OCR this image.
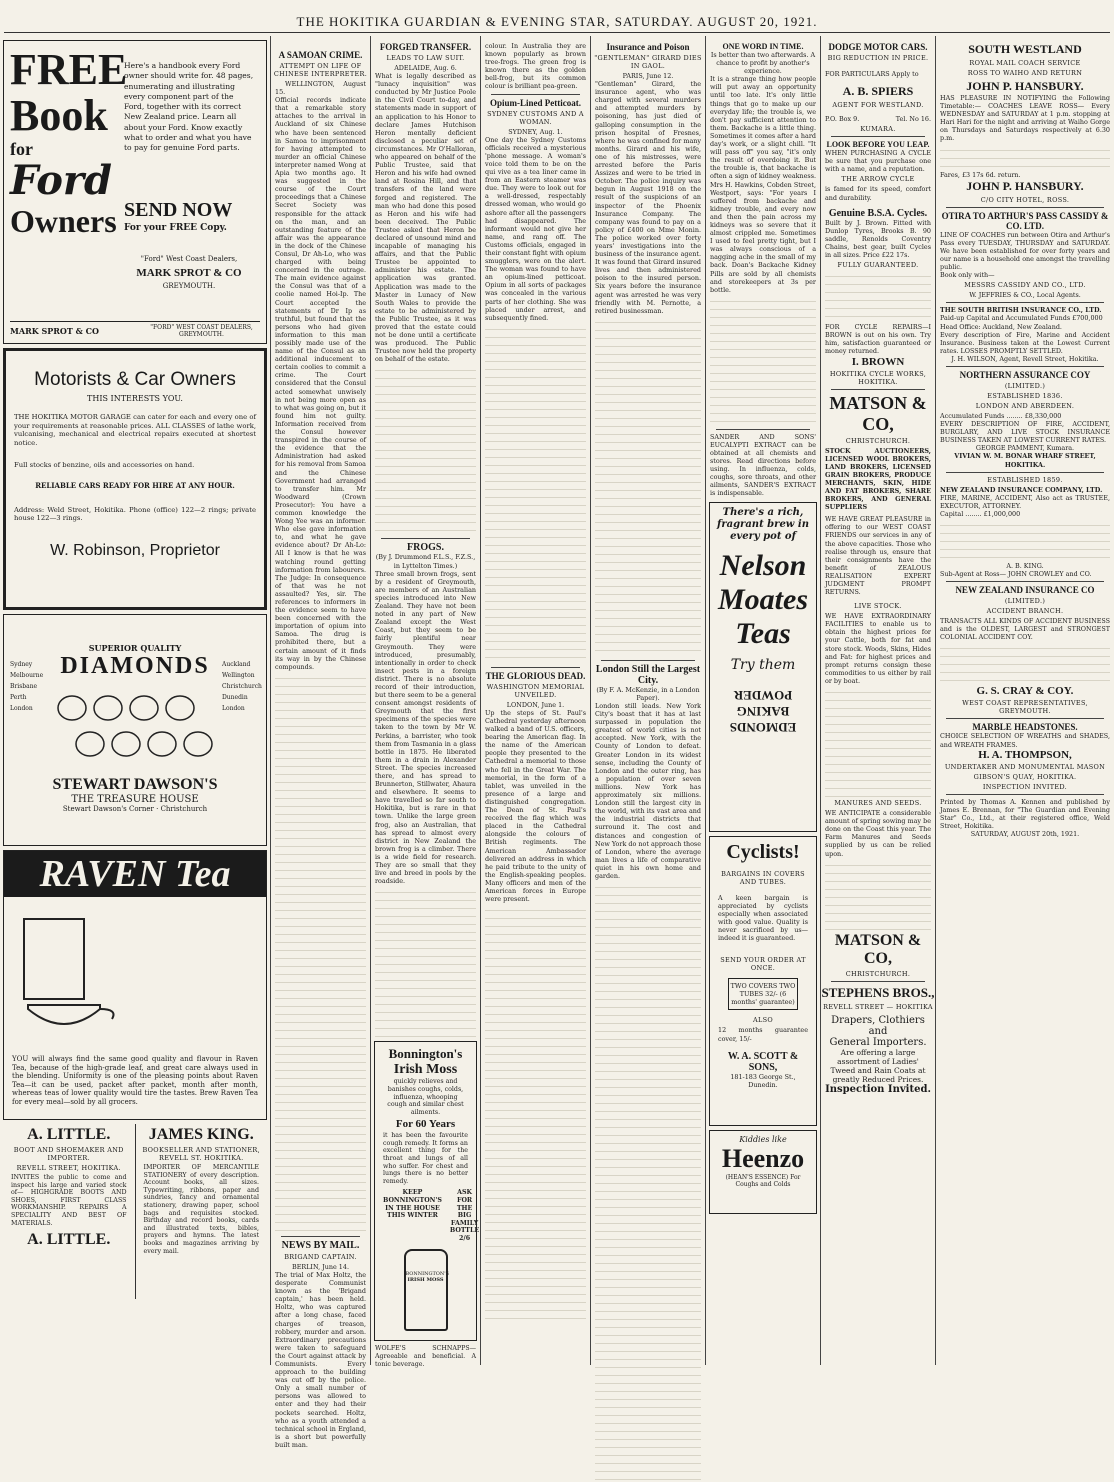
THE HOKITIKA GUARDIAN & EVENING STAR, SATURDAY. AUGUST 20, 1921.
FREE
Book
for
Ford
Owners
Here's a handbook every Ford owner should write for. 48 pages, enumerating and illustrating every component part of the Ford, together with its correct New Zealand price. Learn all about your Ford. Know exactly what to order and what you have to pay for genuine Ford parts.
SEND NOW
For your FREE Copy.
"Ford" West Coast Dealers,
MARK SPROT & CO
GREYMOUTH.
MARK SPROT & CO	"FORD" WEST COAST DEALERS, GREYMOUTH.
Motorists & Car Owners
THIS INTERESTS YOU.
THE HOKITIKA MOTOR GARAGE can cater for each and every one of your requirements at reasonable prices. ALL CLASSES of lathe work, vulcanising, mechanical and electrical repairs executed at shortest notice.
Full stocks of benzine, oils and accessories on hand.
RELIABLE CARS READY FOR HIRE AT ANY HOUR.
Address: Weld Street, Hokitika. Phone (office) 122—2 rings; private house 122—3 rings.
W. Robinson, Proprietor
SUPERIOR QUALITY
DIAMONDS
Sydney Melbourne Brisbane Perth London
Auckland Wellington Christchurch Dunedin London
STEWART DAWSON'S
THE TREASURE HOUSE
Stewart Dawson's Corner · Christchurch
RAVEN Tea
YOU will always find the same good quality and flavour in Raven Tea, because of the high-grade leaf, and great care always used in the blending. Uniformity is one of the pleasing points about Raven Tea—it can be used, packet after packet, month after month, whereas teas of lower quality would tire the tastes. Brew Raven Tea for every meal—sold by all grocers.
A. LITTLE.
BOOT AND SHOEMAKER AND IMPORTER.
REVELL STREET, HOKITIKA.
INVITES the public to come and inspect his large and varied stock of— HIGHGRADE BOOTS AND SHOES, FIRST CLASS WORKMANSHIP. REPAIRS A SPECIALITY AND BEST OF MATERIALS.
A. LITTLE.
JAMES KING.
BOOKSELLER AND STATIONER, REVELL ST. HOKITIKA.
IMPORTER OF MERCANTILE STATIONERY of every description. Account books, all sizes. Typewriting, ribbons, paper and sundries, fancy and ornamental stationery, drawing paper, school bags and requisites stocked. Birthday and record books, cards and illustrated texts, bibles, prayers and hymns. The latest books and magazines arriving by every mail.
A SAMOAN CRIME.
ATTEMPT ON LIFE OF CHINESE INTERPRETER.
WELLINGTON, August 15.
Official records indicate that a remarkable story attaches to the arrival in Auckland of six Chinese who have been sentenced in Samoa to imprisonment for having attempted to murder an official Chinese interpreter named Wong at Apia two months ago. It was suggested in the course of the Court proceedings that a Chinese Secret Society was responsible for the attack on the man, and an outstanding feature of the affair was the appearance in the dock of the Chinese Consul, Dr Ah-Lo, who was charged with being concerned in the outrage. The main evidence against the Consul was that of a coolie named Hoi-Ip. The Court accepted the statements of Dr Ip as truthful, but found that the persons who had given information to this man possibly made use of the name of the Consul as an additional inducement to certain coolies to commit a crime. The Court considered that the Consul acted somewhat unwisely in not being more open as to what was going on, but it found him not guilty. Information received from the Consul however transpired in the course of the evidence that the Administration had asked for his removal from Samoa and the Chinese Government had arranged to transfer him. Mr Woodward (Crown Prosecutor): You have a common knowledge the Wong Yee was an informer. Who else gave information to, and what he gave evidence about? Dr Ah-Lo: All I know is that he was watching round getting information from labourers. The Judge: In consequence of that was he not assaulted? Yes, sir. The references to informers in the evidence seem to have been concerned with the importation of opium into Samoa. The drug is prohibited there, but a certain amount of it finds its way in by the Chinese compounds.
NEWS BY MAIL.
BRIGAND CAPTAIN.
BERLIN, June 14.
The trial of Max Holtz, the desperate Communist known as the 'Brigand captain,' has been held. Holtz, who was captured after a long chase, faced charges of treason, robbery, murder and arson. Extraordinary precautions were taken to safeguard the Court against attack by Communists. Every approach to the building was cut off by the police. Only a small number of persons was allowed to enter and they had their pockets searched. Holtz, who as a youth attended a technical school in Ergland, is a short but powerfully built man.
FORGED TRANSFER.
LEADS TO LAW SUIT.
ADELAIDE, Aug. 6.
What is legally described as "lunacy inquisition" was conducted by Mr Justice Poole in the Civil Court to-day, and statements made in support of an application to his Honor to declare James Hutchison Heron mentally deficient disclosed a peculiar set of circumstances. Mr O'Halloran, who appeared on behalf of the Public Trustee, said that Heron and his wife had owned land at Rosina Hill, and that transfers of the land were forged and registered. The man who had done this posed as Heron and his wife had been deceived. The Public Trustee asked that Heron be declared of unsound mind and incapable of managing his affairs, and that the Public Trustee be appointed to administer his estate. The application was granted. Application was made to the Master in Lunacy of New South Wales to provide the estate to be administered by the Public Trustee, as it was proved that the estate could not be done until a certificate was produced. The Public Trustee now held the property on behalf of the estate.
FROGS.
(By J. Drummond F.L.S., F.Z.S., in Lyttelton Times.)
Three small brown frogs, sent by a resident of Greymouth, are members of an Australian species introduced into New Zealand. They have not been noted in any part of New Zealand except the West Coast, but they seem to be fairly plentiful near Greymouth. They were introduced, presumably, intentionally in order to check insect pests in a foreign district. There is no absolute record of their introduction, but there seem to be a general consent amongst residents of Greymouth that the first specimens of the species were taken to the town by Mr W. Perkins, a barrister, who took them from Tasmania in a glass bottle in 1875. He liberated them in a drain in Alexander Street. The species increased there, and has spread to Brunnerton, Stillwater, Ahaura and elsewhere. It seems to have travelled so far south to Hokitika, but is rare in that town. Unlike the large green frog, also an Australian, that has spread to almost every district in New Zealand the brown frog is a climber. There is a wide field for research. They are so small that they live and breed in pools by the roadside.
Bonnington's
Irish Moss
quickly relieves and banishes coughs, colds, influenza, whooping cough and similar chest ailments.
For 60 Years
it has been the favourite cough remedy. It forms an excellent thing for the throat and lungs of all who suffer. For chest and lungs there is no better remedy.
KEEP BONNINGTON'S IN THE HOUSE THIS WINTER
ASK FOR THE BIG FAMILY BOTTLE 2/6
BONNINGTON'S
IRISH MOSS
WOLFE'S SCHNAPPS—Agreeable and beneficial. A tonic beverage.
colour. In Australia they are known popularly as brown tree-frogs. The green frog is known there as the golden bell-frog, but its common colour is brilliant pea-green.
Opium-Lined Petticoat.
SYDNEY CUSTOMS AND A WOMAN.
SYDNEY, Aug. 1.
One day the Sydney Customs officials received a mysterious 'phone message. A woman's voice told them to be on the qui vive as a tea liner came in from an Eastern steamer was due. They were to look out for a well-dressed, respectably dressed woman, who would go ashore after all the passengers had disappeared. The informant would not give her name, and rang off. The Customs officials, engaged in their constant fight with opium smugglers, were on the alert. The woman was found to have an opium-lined petticoat. Opium in all sorts of packages was concealed in the various parts of her clothing. She was placed under arrest, and subsequently fined.
THE GLORIOUS DEAD.
WASHINGTON MEMORIAL UNVEILED.
LONDON, June 1.
Up the steps of St. Paul's Cathedral yesterday afternoon walked a band of U.S. officers, bearing the American flag. In the name of the American people they presented to the Cathedral a memorial to those who fell in the Great War. The memorial, in the form of a tablet, was unveiled in the presence of a large and distinguished congregation. The Dean of St. Paul's received the flag which was placed in the Cathedral alongside the colours of British regiments. The American Ambassador delivered an address in which he paid tribute to the unity of the English-speaking peoples. Many officers and men of the American forces in Europe were present.
Insurance and Poison
"GENTLEMAN" GIRARD DIES IN GAOL.
PARIS, June 12.
"Gentleman" Girard, the insurance agent, who was charged with several murders and attempted murders by poisoning, has just died of galloping consumption in the prison hospital of Fresnes, where he was confined for many months. Girard and his wife, one of his mistresses, were arrested before the Paris Assizes and were to be tried in October. The police inquiry was begun in August 1918 on the result of the suspicions of an inspector of the Phoenix Insurance Company. The company was found to pay on a policy of £400 on Mme Monin. The police worked over forty years' investigations into the business of the insurance agent. It was found that Girard insured lives and then administered poison to the insured person. Six years before the insurance agent was arrested he was very friendly with M. Pernotte, a retired businessman.
London Still the Largest City.
(By F. A. McKenzie, in a London Paper).
London still leads. New York City's boast that it has at last surpassed in population the greatest of world cities is not accepted. New York, with the County of London to defeat. Greater London in its widest sense, including the County of London and the outer ring, has a population of over seven millions. New York has approximately six millions. London still the largest city in the world, with its vast area and the industrial districts that surround it. The cost and distances and congestion of New York do not approach those of London, where the average man lives a life of comparative quiet in his own home and garden.
ONE WORD IN TIME.
Is better than two afterwards. A chance to profit by another's experience.
It is a strange thing how people will put away an opportunity until too late. It's only little things that go to make up our everyday life; the trouble is, we don't pay sufficient attention to them. Backache is a little thing. Sometimes it comes after a hard day's work, or a slight chill. "It will pass off" you say, "it's only the result of overdoing it. But the trouble is, that backache is often a sign of kidney weakness. Mrs H. Hawkins, Cobden Street, Westport, says: "For years I suffered from backache and kidney trouble, and every now and then the pain across my kidneys was so severe that it almost crippled me. Sometimes I used to feel pretty tight, but I was always conscious of a nagging ache in the small of my back. Doan's Backache Kidney Pills are sold by all chemists and storekeepers at 3s per bottle.
SANDER AND SONS' EUCALYPTI EXTRACT can be obtained at all chemists and stores. Read directions before using. In influenza, colds, coughs, sore throats, and other ailments, SANDER'S EXTRACT is indispensable.
There's a rich, fragrant brew in every pot of
Nelson
Moates
Teas
Try them
EDMONDS BAKING POWDER
Cyclists!
BARGAINS IN COVERS AND TUBES.
A keen bargain is appreciated by cyclists especially when associated with good value. Quality is never sacrificed by us—indeed it is guaranteed.
SEND YOUR ORDER AT ONCE.
TWO COVERS TWO TUBES 32/- (6 months' guarantee)
ALSO
12 months guarantee cover, 15/-
W. A. SCOTT & SONS,
181-183 George St., Dunedin.
Kiddies like
Heenzo
(HEAN'S ESSENCE) For Coughs and Colds
DODGE MOTOR CARS.
BIG REDUCTION IN PRICE.
FOR PARTICULARS Apply to
A. B. SPIERS
AGENT FOR WESTLAND.
P.O. Box 9.	Tel. No 16.
KUMARA.
LOOK BEFORE YOU LEAP.
WHEN PURCHASING A CYCLE be sure that you purchase one with a name, and a reputation.
THE ARROW CYCLE
is famed for its speed, comfort and durability.
Genuine B.S.A. Cycles.
Built by J. Brown. Fitted with Dunlop Tyres, Brooks B. 90 saddle, Renolds Coventry Chains, best gear, built Cycles in all sizes. Price £22 17s.
FULLY GUARANTEED.
FOR CYCLE REPAIRS—I BROWN is out on his own. Try him, satisfaction guaranteed or money returned.
I. BROWN
HOKITIKA CYCLE WORKS, HOKITIKA.
MATSON & CO,
CHRISTCHURCH.
STOCK AUCTIONEERS, LICENSED WOOL BROKERS, LAND BROKERS, LICENSED GRAIN BROKERS, PRODUCE MERCHANTS, SKIN, HIDE AND FAT BROKERS, SHARE BROKERS, AND GENERAL SUPPLIERS
WE HAVE GREAT PLEASURE in offering to our WEST COAST FRIENDS our services in any of the above capacities. Those who realise through us, ensure that their consignments have the benefit of ZEALOUS REALISATION EXPERT JUDGMENT PROMPT RETURNS.
LIVE STOCK.
WE HAVE EXTRAORDINARY FACILITIES to enable us to obtain the highest prices for your Cattle, both for fat and store stock. Woods, Skins, Hides and Fat: for highest prices and prompt returns consign these commodities to us either by rail or by boat.
MANURES AND SEEDS.
WE ANTICIPATE a considerable amount of spring sowing may be done on the Coast this year. The Farm Manures and Seeds supplied by us can be relied upon.
MATSON & CO,
CHRISTCHURCH.
STEPHENS BROS.,
REVELL STREET — HOKITIKA
Drapers, Clothiers and
General Importers.
Are offering a large assortment of Ladies' Tweed and Rain Coats at greatly Reduced Prices.
Inspection Invited.
SOUTH WESTLAND
ROYAL MAIL COACH SERVICE
ROSS TO WAIHO AND RETURN
JOHN P. HANSBURY.
HAS PLEASURE IN NOTIFYING the Following Timetable:— COACHES LEAVE ROSS— Every WEDNESDAY and SATURDAY at 1 p.m. stopping at Hari Hari for the night and arriving at Waiho Gorge on Thursdays and Saturdays respectively at 6.30 p.m.
Fares, £3 17s 6d. return.
JOHN P. HANSBURY.
C/O CITY HOTEL, ROSS.
OTIRA TO ARTHUR'S PASS CASSIDY & CO. LTD.
LINE OF COACHES run between Otira and Arthur's Pass every TUESDAY, THURSDAY and SATURDAY. We have been established for over forty years and our name is a household one amongst the travelling public.
Book only with—
MESSRS CASSIDY AND CO., LTD.
W. JEFFRIES & CO., Local Agents.
THE SOUTH BRITISH INSURANCE CO., LTD.
Paid-up Capital and Accumulated Funds £700,000
Head Office: Auckland, New Zealand.
Every description of Fire, Marine and Accident Insurance. Business taken at the Lowest Current rates. LOSSES PROMPTLY SETTLED.
J. H. WILSON, Agent, Revell Street, Hokitika.
NORTHERN ASSURANCE COY
(LIMITED.)
ESTABLISHED 1836.
LONDON AND ABERDEEN.
Accumulated Funds ........ £8,330,000
EVERY DESCRIPTION OF FIRE, ACCIDENT, BURGLARY, AND LIVE STOCK INSURANCE BUSINESS TAKEN AT LOWEST CURRENT RATES.
GEORGE PAMMENT, Kumara.
VIVIAN W. M. BONAR WHARF STREET, HOKITIKA.
ESTABLISHED 1859.
NEW ZEALAND INSURANCE COMPANY, LTD.
FIRE, MARINE, ACCIDENT, Also act as TRUSTEE, EXECUTOR, ATTORNEY.
Capital ........ £1,000,000
A. B. KING.
Sub-Agent at Ross— JOHN CROWLEY and CO.
NEW ZEALAND INSURANCE CO
(LIMITED.)
ACCIDENT BRANCH.
TRANSACTS ALL KINDS OF ACCIDENT BUSINESS and is the OLDEST, LARGEST and STRONGEST COLONIAL ACCIDENT COY.
G. S. CRAY & COY.
WEST COAST REPRESENTATIVES, GREYMOUTH.
MARBLE HEADSTONES.
CHOICE SELECTION OF WREATHS and SHADES, and WREATH FRAMES.
H. A. THOMPSON,
UNDERTAKER AND MONUMENTAL MASON
GIBSON'S QUAY, HOKITIKA.
INSPECTION INVITED.
Printed by Thomas A. Kennen and published by James E. Brennan, for "The Guardian and Evening Star" Co., Ltd., at their registered office, Weld Street, Hokitika.
SATURDAY, AUGUST 20th, 1921.
